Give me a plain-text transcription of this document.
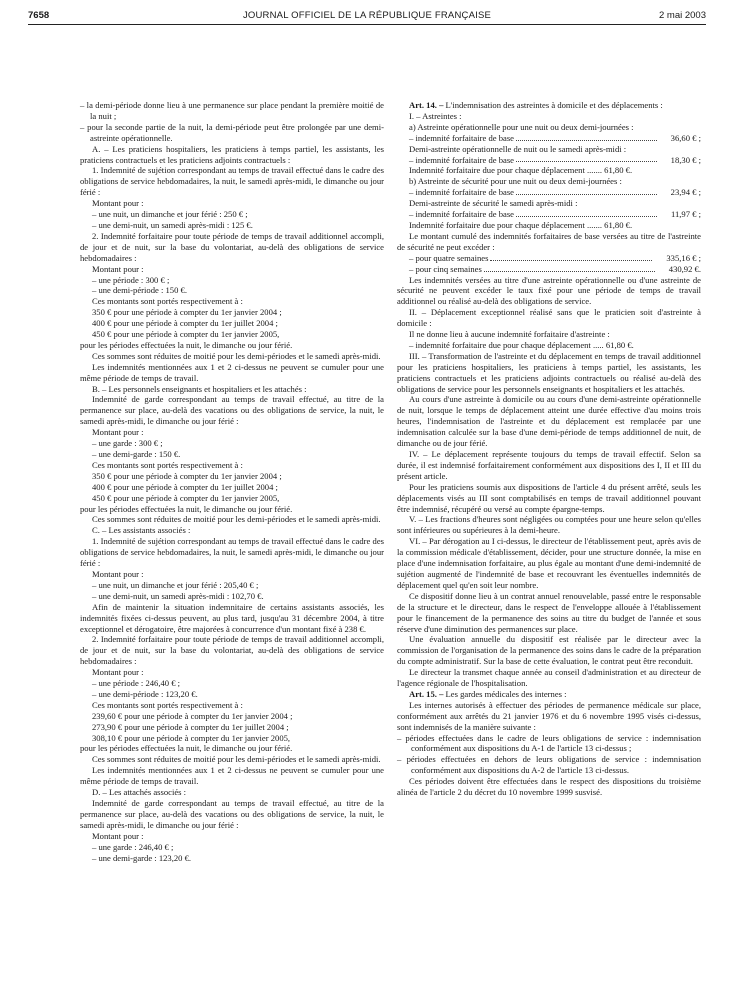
7658	JOURNAL OFFICIEL DE LA RÉPUBLIQUE FRANÇAISE	2 mai 2003

– la demi-période donne lieu à une permanence sur place pendant la première moitié de la nuit ;

– pour la seconde partie de la nuit, la demi-période peut être prolongée par une demi-astreinte opérationnelle.

A. – Les praticiens hospitaliers, les praticiens à temps partiel, les assistants, les praticiens contractuels et les praticiens adjoints contractuels :

1. Indemnité de sujétion correspondant au temps de travail effectué dans le cadre des obligations de service hebdomadaires, la nuit, le samedi après-midi, le dimanche ou jour férié :

Montant pour :

– une nuit, un dimanche et jour férié : 250 € ;

– une demi-nuit, un samedi après-midi : 125 €.

2. Indemnité forfaitaire pour toute période de temps de travail additionnel accompli, de jour et de nuit, sur la base du volontariat, au-delà des obligations de service hebdomadaires :

Montant pour :

– une période : 300 € ;

– une demi-période : 150 €.

Ces montants sont portés respectivement à :

350 € pour une période à compter du 1er janvier 2004 ;

400 € pour une période à compter du 1er juillet 2004 ;

450 € pour une période à compter du 1er janvier 2005,

pour les périodes effectuées la nuit, le dimanche ou jour férié.

Ces sommes sont réduites de moitié pour les demi-périodes et le samedi après-midi.

Les indemnités mentionnées aux 1 et 2 ci-dessus ne peuvent se cumuler pour une même période de temps de travail.

B. – Les personnels enseignants et hospitaliers et les attachés :

Indemnité de garde correspondant au temps de travail effectué, au titre de la permanence sur place, au-delà des vacations ou des obligations de service, la nuit, le samedi après-midi, le dimanche ou jour férié :

Montant pour :

– une garde : 300 € ;

– une demi-garde : 150 €.

Ces montants sont portés respectivement à :

350 € pour une période à compter du 1er janvier 2004 ;

400 € pour une période à compter du 1er juillet 2004 ;

450 € pour une période à compter du 1er janvier 2005,

pour les périodes effectuées la nuit, le dimanche ou jour férié.

Ces sommes sont réduites de moitié pour les demi-périodes et le samedi après-midi.

C. – Les assistants associés :

1. Indemnité de sujétion correspondant au temps de travail effectué dans le cadre des obligations de service hebdomadaires, la nuit, le samedi après-midi, le dimanche ou jour férié :

Montant pour :

– une nuit, un dimanche et jour férié : 205,40 € ;

– une demi-nuit, un samedi après-midi : 102,70 €.

Afin de maintenir la situation indemnitaire de certains assistants associés, les indemnités fixées ci-dessus peuvent, au plus tard, jusqu'au 31 décembre 2004, à titre exceptionnel et dérogatoire, être majorées à concurrence d'un montant fixé à 238 €.

2. Indemnité forfaitaire pour toute période de temps de travail additionnel accompli, de jour et de nuit, sur la base du volontariat, au-delà des obligations de service hebdomadaires :

Montant pour :

– une période : 246,40 € ;

– une demi-période : 123,20 €.

Ces montants sont portés respectivement à :

239,60 € pour une période à compter du 1er janvier 2004 ;

273,90 € pour une période à compter du 1er juillet 2004 ;

308,10 € pour une période à compter du 1er janvier 2005,

pour les périodes effectuées la nuit, le dimanche ou jour férié.

Ces sommes sont réduites de moitié pour les demi-périodes et le samedi après-midi.

Les indemnités mentionnées aux 1 et 2 ci-dessus ne peuvent se cumuler pour une même période de temps de travail.

D. – Les attachés associés :

Indemnité de garde correspondant au temps de travail effectué, au titre de la permanence sur place, au-delà des vacations ou des obligations de service, la nuit, le samedi après-midi, le dimanche ou jour férié :

Montant pour :

– une garde : 246,40 € ;

– une demi-garde : 123,20 €.

Art. 14. – L'indemnisation des astreintes à domicile et des déplacements :

I. – Astreintes :

a) Astreinte opérationnelle pour une nuit ou deux demi-journées :

– indemnité forfaitaire de base	36,60 € ;

Demi-astreinte opérationnelle de nuit ou le samedi après-midi :

– indemnité forfaitaire de base	18,30 € ;

Indemnité forfaitaire due pour chaque déplacement ....... 61,80 €.

b) Astreinte de sécurité pour une nuit ou deux demi-journées :

– indemnité forfaitaire de base	23,94 € ;

Demi-astreinte de sécurité le samedi après-midi :

– indemnité forfaitaire de base	11,97 € ;

Indemnité forfaitaire due pour chaque déplacement ....... 61,80 €.

Le montant cumulé des indemnités forfaitaires de base versées au titre de l'astreinte de sécurité ne peut excéder :

– pour quatre semaines	335,16 € ;

– pour cinq semaines	430,92 €.

Les indemnités versées au titre d'une astreinte opérationnelle ou d'une astreinte de sécurité ne peuvent excéder le taux fixé pour une période de temps de travail additionnel ou réalisé au-delà des obligations de service.

II. – Déplacement exceptionnel réalisé sans que le praticien soit d'astreinte à domicile :

Il ne donne lieu à aucune indemnité forfaitaire d'astreinte :

– indemnité forfaitaire due pour chaque déplacement ..... 61,80 €.

III. – Transformation de l'astreinte et du déplacement en temps de travail additionnel pour les praticiens hospitaliers, les praticiens à temps partiel, les assistants, les praticiens contractuels et les praticiens adjoints contractuels ou réalisé au-delà des obligations de service pour les personnels enseignants et hospitaliers et les attachés.

Au cours d'une astreinte à domicile ou au cours d'une demi-astreinte opérationnelle de nuit, lorsque le temps de déplacement atteint une durée effective d'au moins trois heures, l'indemnisation de l'astreinte et du déplacement est remplacée par une indemnisation calculée sur la base d'une demi-période de temps additionnel de nuit, de dimanche ou de jour férié.

IV. – Le déplacement représente toujours du temps de travail effectif. Selon sa durée, il est indemnisé forfaitairement conformément aux dispositions des I, II et III du présent article.

Pour les praticiens soumis aux dispositions de l'article 4 du présent arrêté, seuls les déplacements visés au III sont comptabilisés en temps de travail additionnel pouvant être indemnisé, récupéré ou versé au compte épargne-temps.

V. – Les fractions d'heures sont négligées ou comptées pour une heure selon qu'elles sont inférieures ou supérieures à la demi-heure.

VI. – Par dérogation au I ci-dessus, le directeur de l'établissement peut, après avis de la commission médicale d'établissement, décider, pour une structure donnée, la mise en place d'une indemnisation forfaitaire, au plus égale au montant d'une demi-indemnité de sujétion augmenté de l'indemnité de base et recouvrant les éventuelles indemnités de déplacement quel qu'en soit leur nombre.

Ce dispositif donne lieu à un contrat annuel renouvelable, passé entre le responsable de la structure et le directeur, dans le respect de l'enveloppe allouée à l'établissement pour le financement de la permanence des soins au titre du budget de l'année et sous réserve d'une diminution des permanences sur place.

Une évaluation annuelle du dispositif est réalisée par le directeur avec la commission de l'organisation de la permanence des soins dans le cadre de la préparation du compte administratif. Sur la base de cette évaluation, le contrat peut être reconduit.

Le directeur la transmet chaque année au conseil d'administration et au directeur de l'agence régionale de l'hospitalisation.

Art. 15. – Les gardes médicales des internes :

Les internes autorisés à effectuer des périodes de permanence médicale sur place, conformément aux arrêtés du 21 janvier 1976 et du 6 novembre 1995 visés ci-dessus, sont indemnisés de la manière suivante :

– périodes effectuées dans le cadre de leurs obligations de service : indemnisation conformément aux dispositions du A-1 de l'article 13 ci-dessus ;

– périodes effectuées en dehors de leurs obligations de service : indemnisation conformément aux dispositions du A-2 de l'article 13 ci-dessus.

Ces périodes doivent être effectuées dans le respect des dispositions du troisième alinéa de l'article 2 du décret du 10 novembre 1999 susvisé.
